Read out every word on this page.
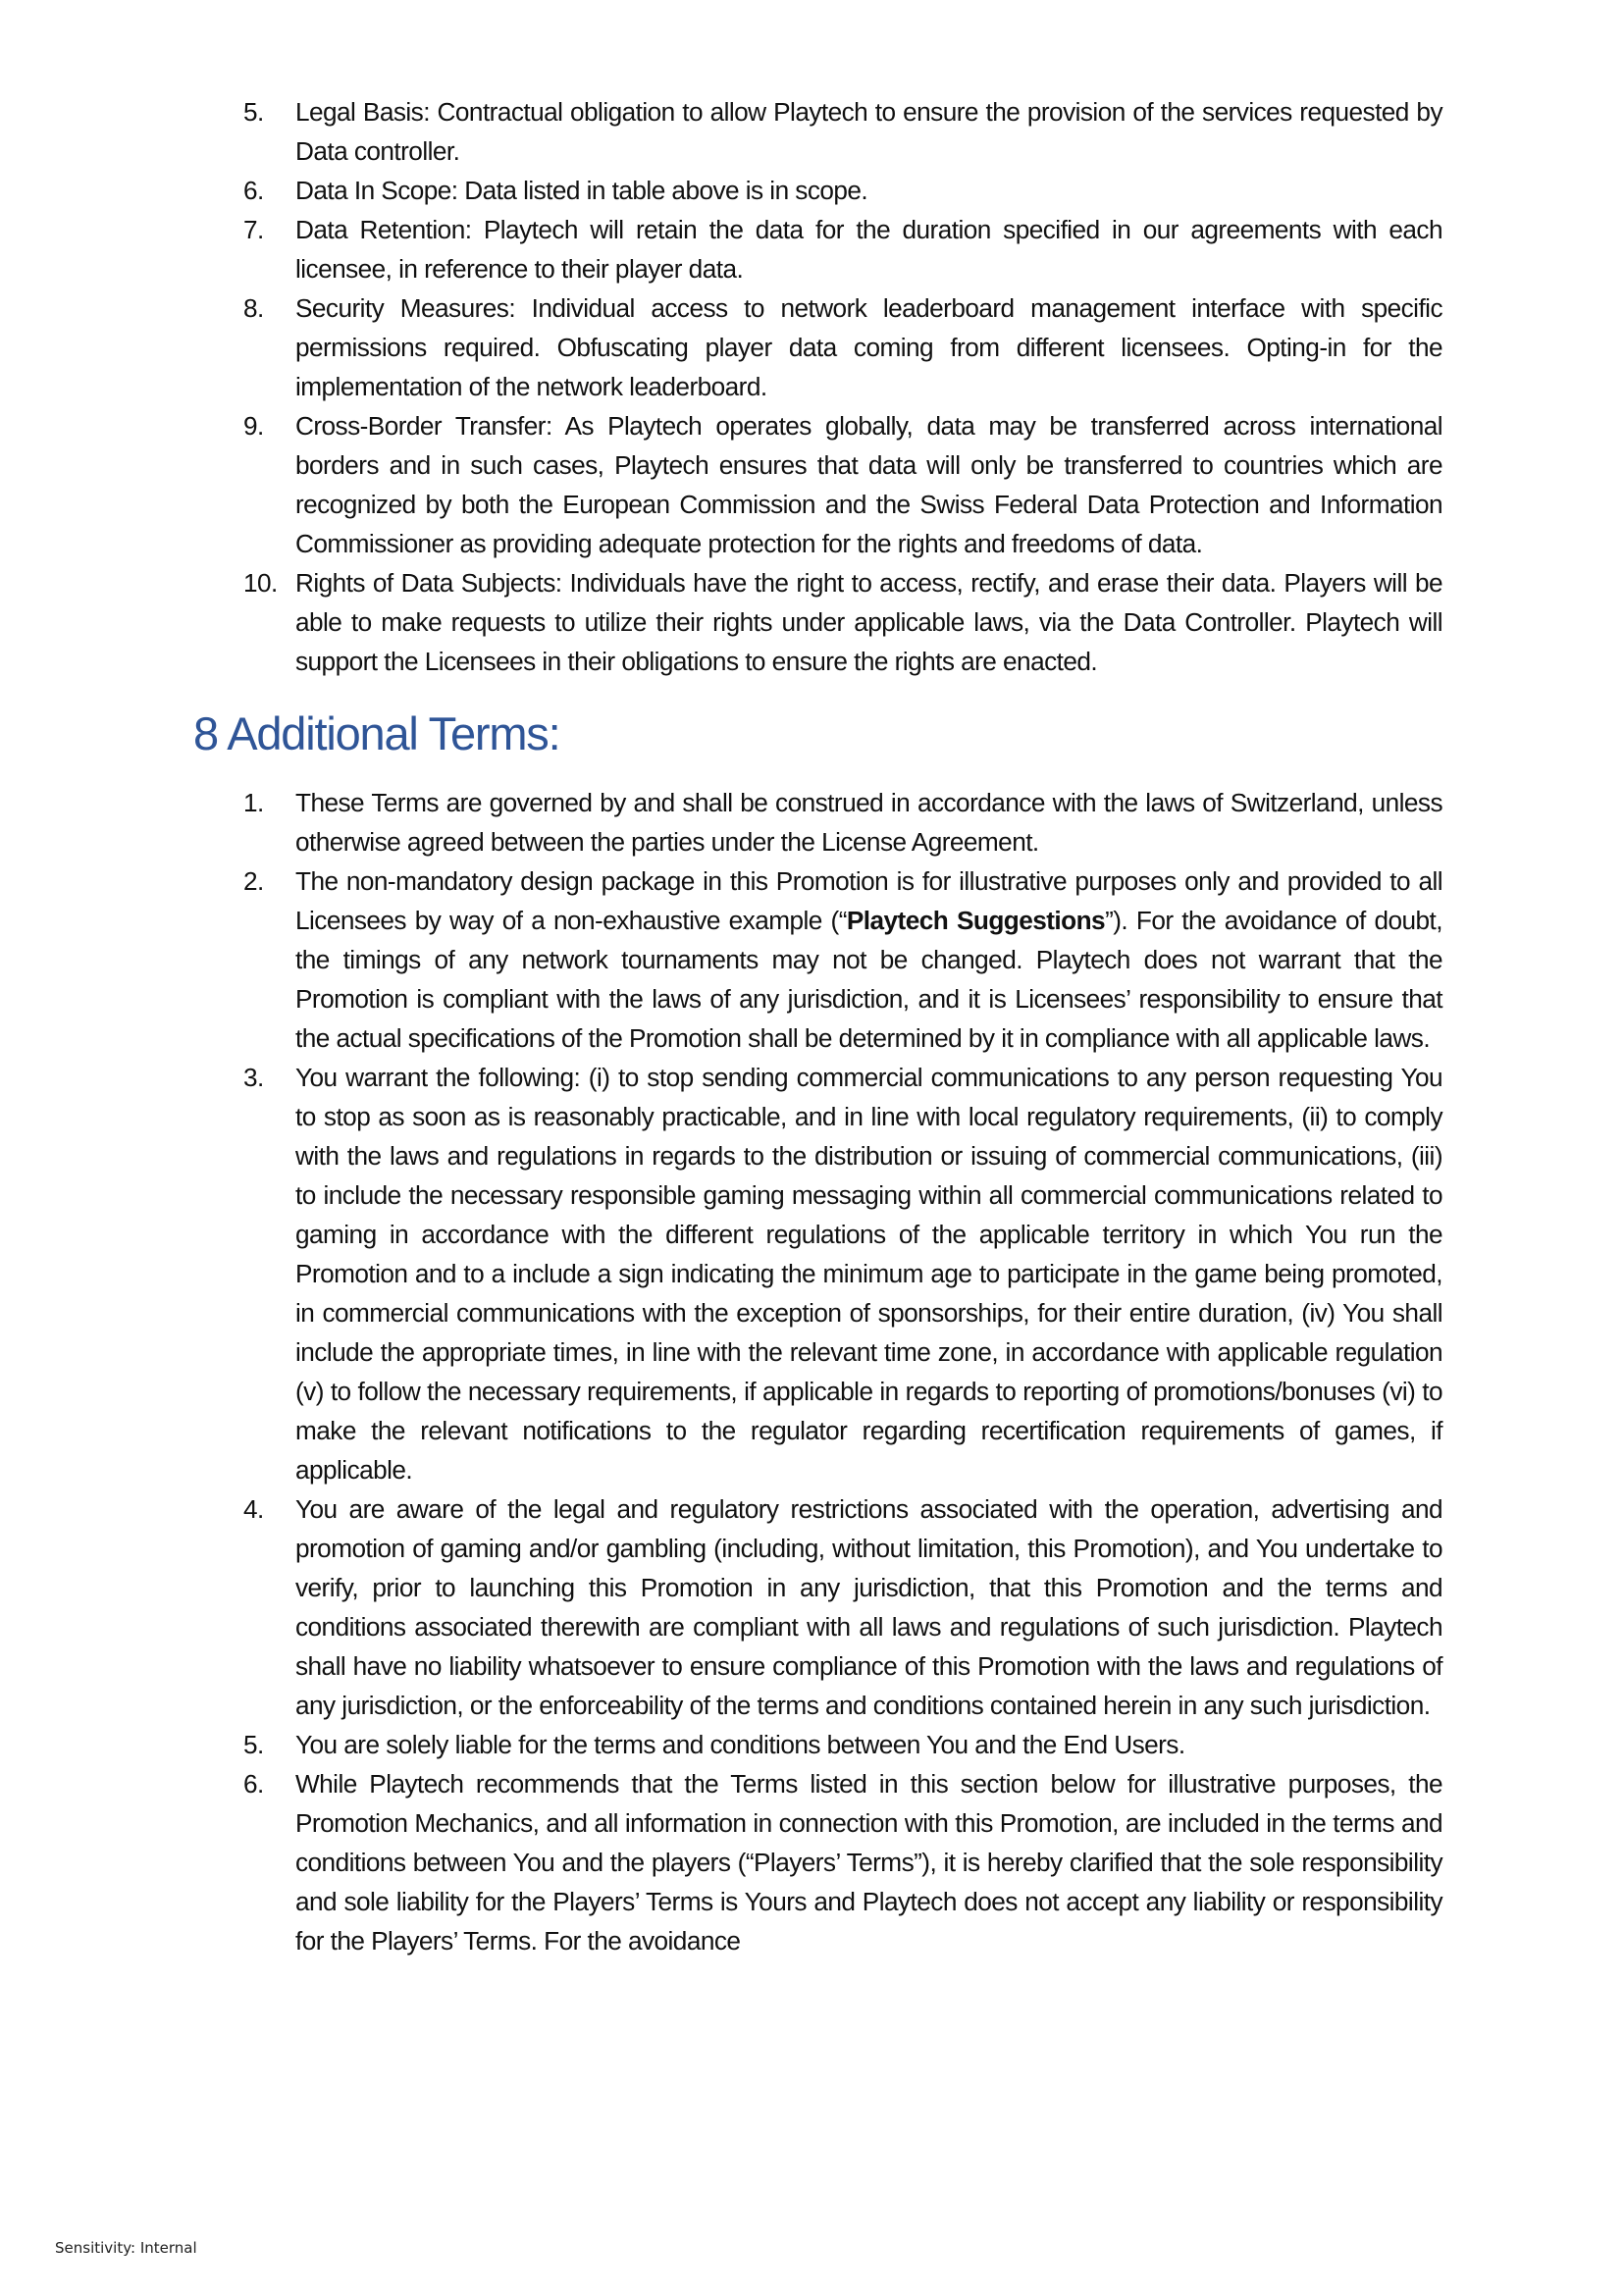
5.	Legal Basis: Contractual obligation to allow Playtech to ensure the provision of the services requested by Data controller.
6.	Data In Scope: Data listed in table above is in scope.
7.	Data Retention: Playtech will retain the data for the duration specified in our agreements with each licensee, in reference to their player data.
8.	Security Measures: Individual access to network leaderboard management interface with specific permissions required. Obfuscating player data coming from different licensees. Opting-in for the implementation of the network leaderboard.
9.	Cross-Border Transfer: As Playtech operates globally, data may be transferred across international borders and in such cases, Playtech ensures that data will only be transferred to countries which are recognized by both the European Commission and the Swiss Federal Data Protection and Information Commissioner as providing adequate protection for the rights and freedoms of data.
10. Rights of Data Subjects: Individuals have the right to access, rectify, and erase their data. Players will be able to make requests to utilize their rights under applicable laws, via the Data Controller. Playtech will support the Licensees in their obligations to ensure the rights are enacted.
8 Additional Terms:
1.	These Terms are governed by and shall be construed in accordance with the laws of Switzerland, unless otherwise agreed between the parties under the License Agreement.
2.	The non-mandatory design package in this Promotion is for illustrative purposes only and provided to all Licensees by way of a non-exhaustive example (“Playtech Suggestions”). For the avoidance of doubt, the timings of any network tournaments may not be changed. Playtech does not warrant that the Promotion is compliant with the laws of any jurisdiction, and it is Licensees’ responsibility to ensure that the actual specifications of the Promotion shall be determined by it in compliance with all applicable laws.
3.	You warrant the following: (i) to stop sending commercial communications to any person requesting You to stop as soon as is reasonably practicable, and in line with local regulatory requirements, (ii) to comply with the laws and regulations in regards to the distribution or issuing of commercial communications, (iii) to include the necessary responsible gaming messaging within all commercial communications related to gaming in accordance with the different regulations of the applicable territory in which You run the Promotion and to a include a sign indicating the minimum age to participate in the game being promoted, in commercial communications with the exception of sponsorships, for their entire duration, (iv) You shall include the appropriate times, in line with the relevant time zone, in accordance with applicable regulation (v) to follow the necessary requirements, if applicable in regards to reporting of promotions/bonuses (vi) to make the relevant notifications to the regulator regarding recertification requirements of games, if applicable.
4.	You are aware of the legal and regulatory restrictions associated with the operation, advertising and promotion of gaming and/or gambling (including, without limitation, this Promotion), and You undertake to verify, prior to launching this Promotion in any jurisdiction, that this Promotion and the terms and conditions associated therewith are compliant with all laws and regulations of such jurisdiction. Playtech shall have no liability whatsoever to ensure compliance of this Promotion with the laws and regulations of any jurisdiction, or the enforceability of the terms and conditions contained herein in any such jurisdiction.
5.	You are solely liable for the terms and conditions between You and the End Users.
6.	While Playtech recommends that the Terms listed in this section below for illustrative purposes, the Promotion Mechanics, and all information in connection with this Promotion, are included in the terms and conditions between You and the players (“Players’ Terms”), it is hereby clarified that the sole responsibility and sole liability for the Players’ Terms is Yours and Playtech does not accept any liability or responsibility for the Players’ Terms. For the avoidance
Sensitivity: Internal
